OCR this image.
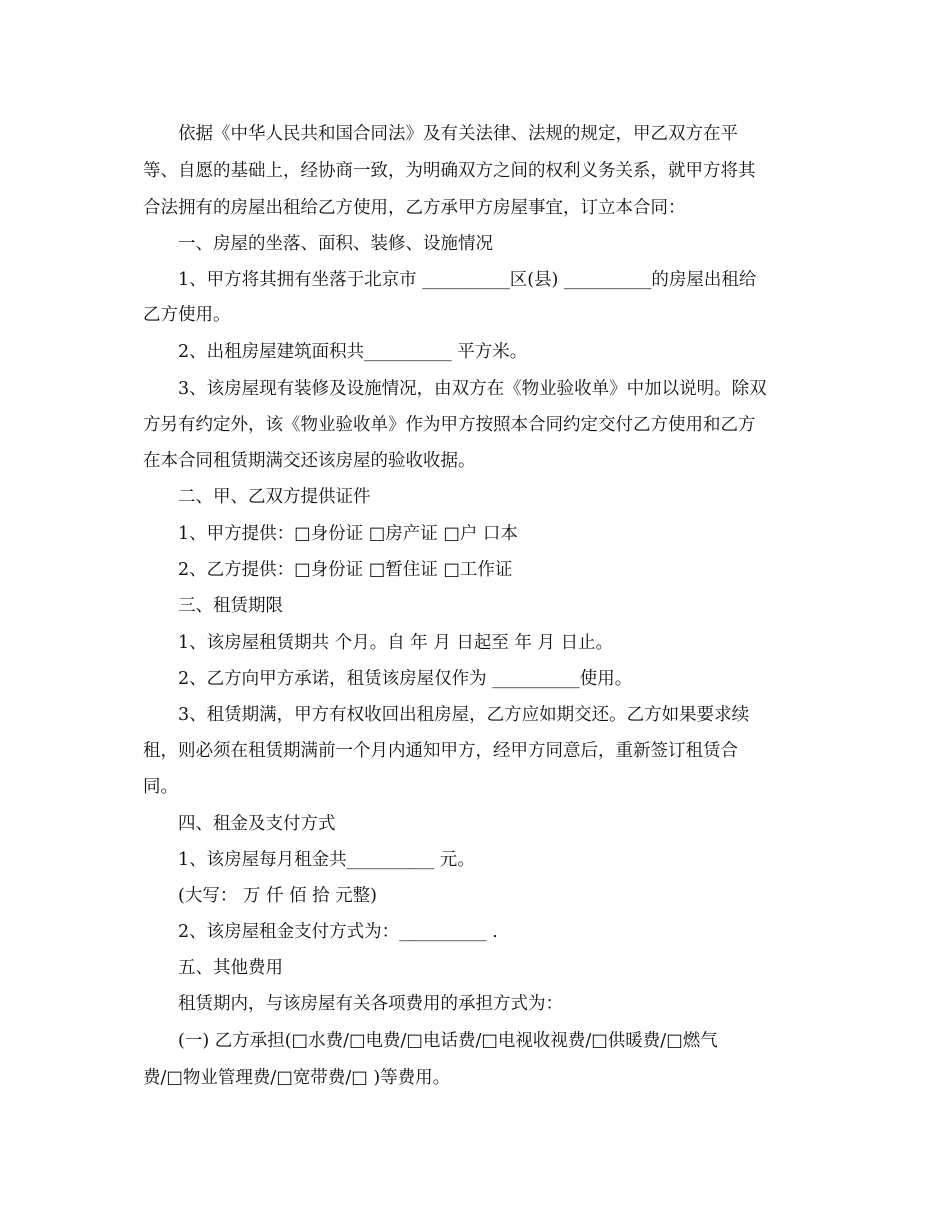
依据《中华人民共和国合同法》及有关法律、法规的规定，甲乙双方在平
等、自愿的基础上，经协商一致，为明确双方之间的权利义务关系，就甲方将其
合法拥有的房屋出租给乙方使用，乙方承甲方房屋事宜，订立本合同：
一、房屋的坐落、面积、装修、设施情况
1、甲方将其拥有坐落于北京市 __________区(县) __________的房屋出租给
乙方使用。
2、出租房屋建筑面积共__________ 平方米。
3、该房屋现有装修及设施情况，由双方在《物业验收单》中加以说明。除双
方另有约定外，该《物业验收单》作为甲方按照本合同约定交付乙方使用和乙方
在本合同租赁期满交还该房屋的验收收据。
二、甲、乙双方提供证件
1、甲方提供：□身份证 □房产证 □户 口本
2、乙方提供：□身份证 □暂住证 □工作证
三、租赁期限
1、该房屋租赁期共 个月。自 年 月 日起至 年 月 日止。
2、乙方向甲方承诺，租赁该房屋仅作为 __________使用。
3、租赁期满，甲方有权收回出租房屋，乙方应如期交还。乙方如果要求续
租，则必须在租赁期满前一个月内通知甲方，经甲方同意后，重新签订租赁合
同。
四、租金及支付方式
1、该房屋每月租金共__________ 元。
(大写： 万 仟 佰 拾 元整)
2、该房屋租金支付方式为：__________ .
五、其他费用
租赁期内，与该房屋有关各项费用的承担方式为：
(一) 乙方承担(□水费/□电费/□电话费/□电视收视费/□供暖费/□燃气
费/□物业管理费/□宽带费/□ )等费用。
